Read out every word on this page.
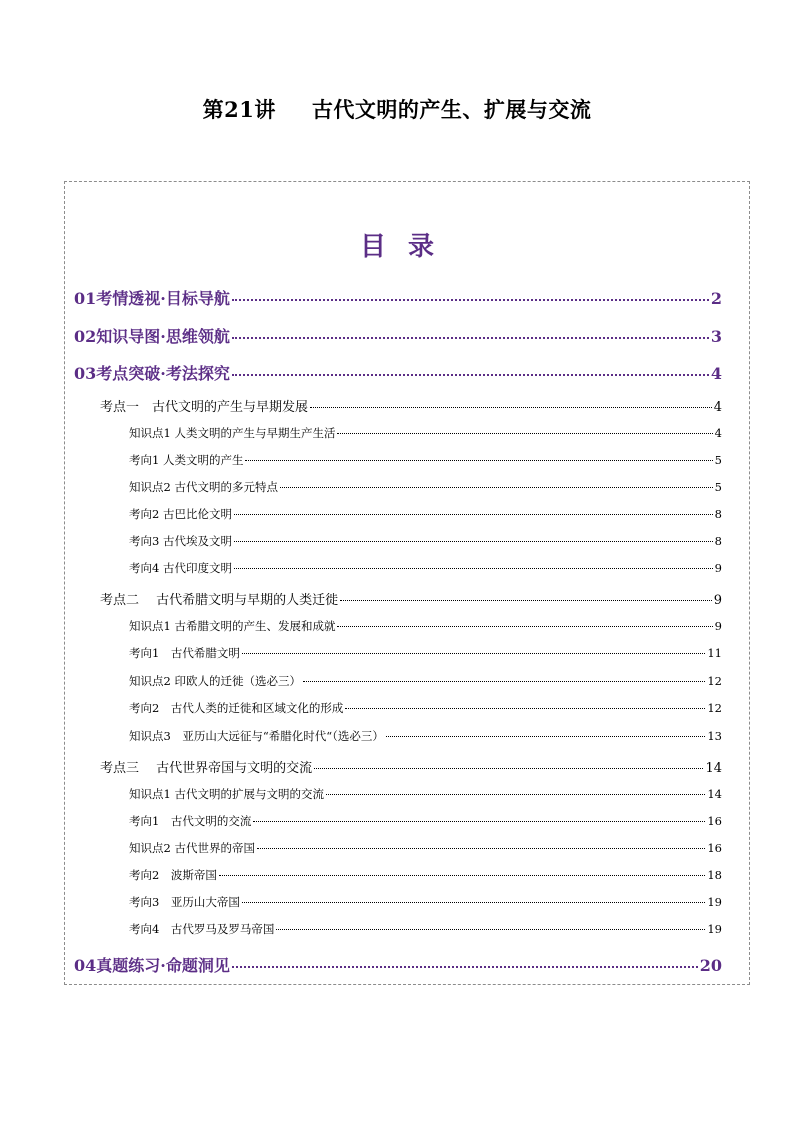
第21讲 古代文明的产生、扩展与交流
目录
01考情透视·目标导航	2
02知识导图·思维领航	3
03考点突破·考法探究	4
考点一　古代文明的产生与早期发展	4
知识点1 人类文明的产生与早期生产生活	4
考向1 人类文明的产生	5
知识点2 古代文明的多元特点	5
考向2 古巴比伦文明	8
考向3 古代埃及文明	8
考向4 古代印度文明	9
考点二　 古代希腊文明与早期的人类迁徙	9
知识点1 古希腊文明的产生、发展和成就	9
考向1　古代希腊文明	11
知识点2 印欧人的迁徙（选必三）	12
考向2　古代人类的迁徙和区域文化的形成	12
知识点3　亚历山大远征与“希腊化时代“（选必三）	13
考点三　 古代世界帝国与文明的交流	14
知识点1 古代文明的扩展与文明的交流	14
考向1　古代文明的交流	16
知识点2 古代世界的帝国	16
考向2　波斯帝国	18
考向3　亚历山大帝国	19
考向4　古代罗马及罗马帝国	19
04真题练习·命题洞见	20
